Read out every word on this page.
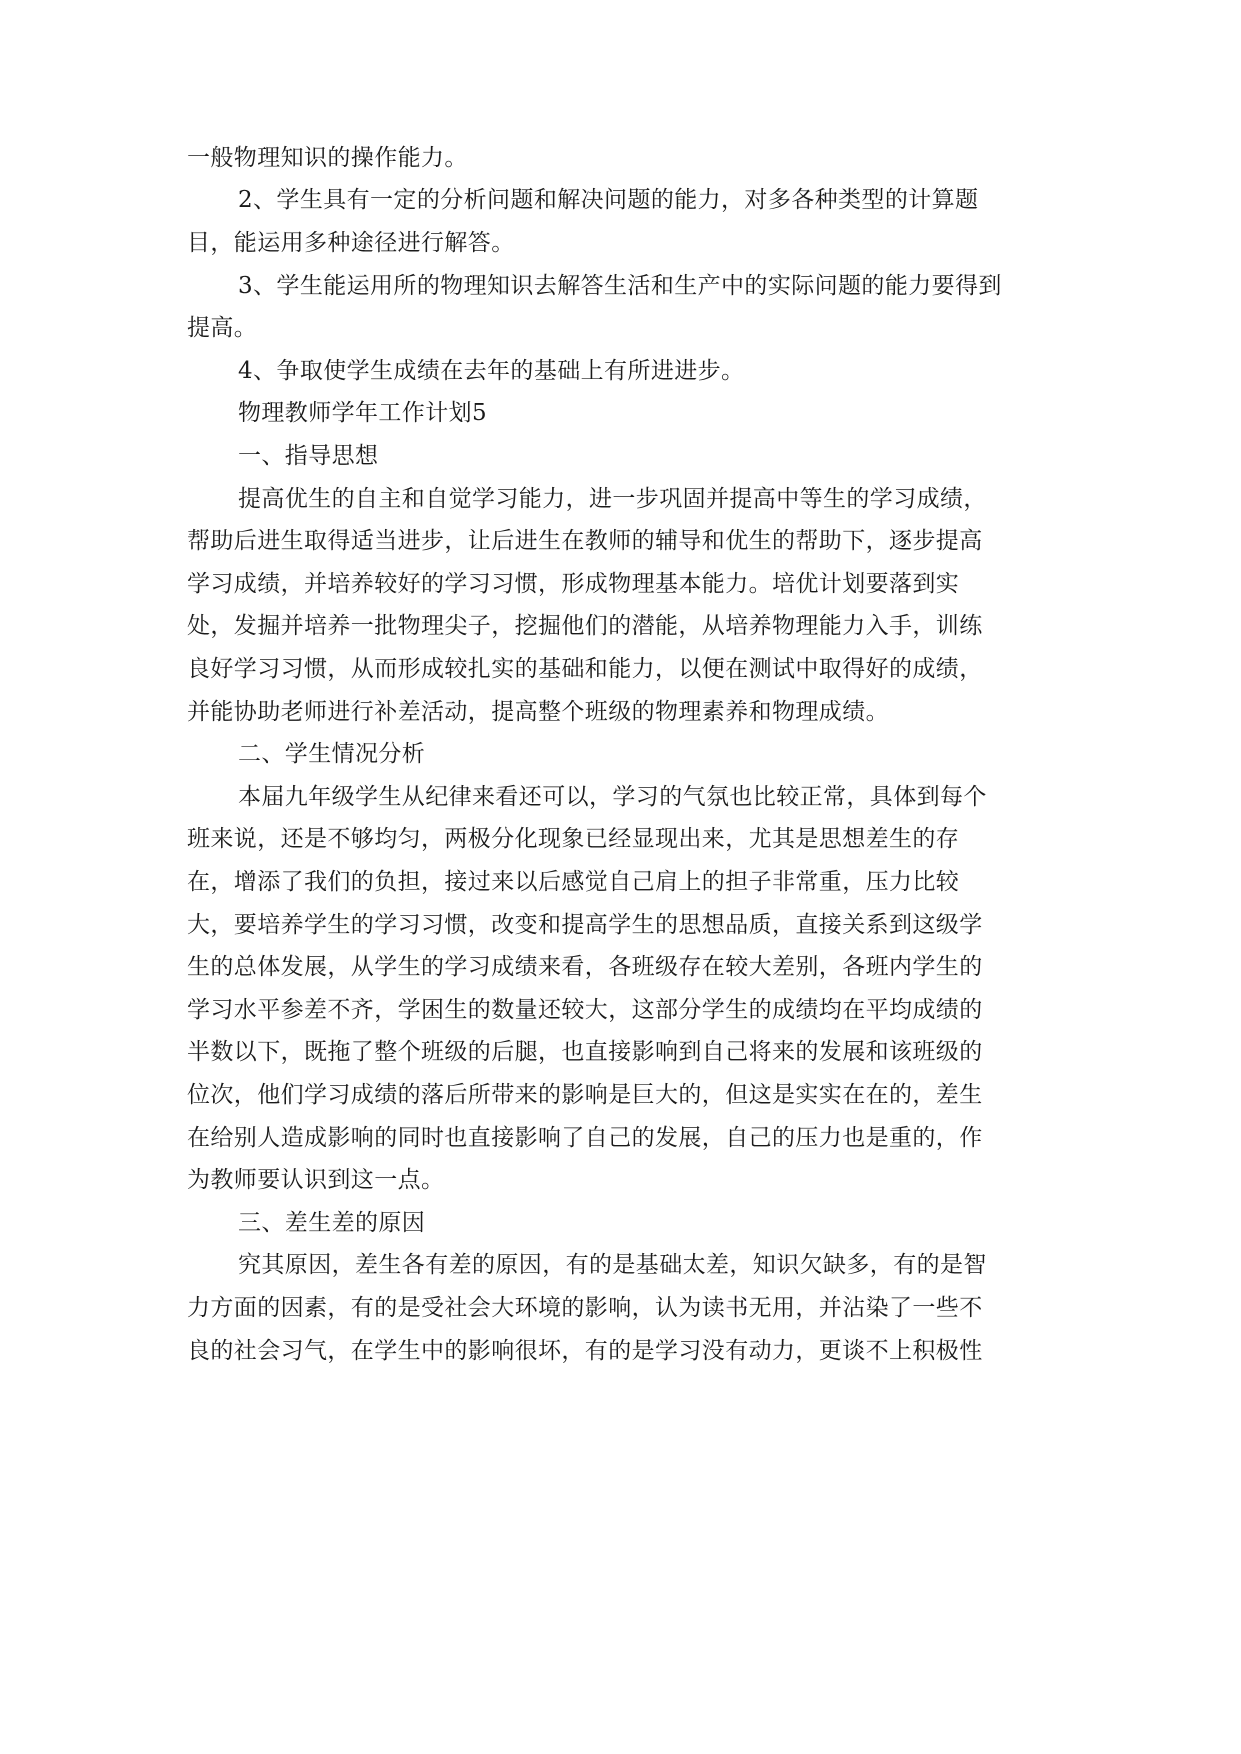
一般物理知识的操作能力。
2、学生具有一定的分析问题和解决问题的能力，对多各种类型的计算题
目，能运用多种途径进行解答。
3、学生能运用所的物理知识去解答生活和生产中的实际问题的能力要得到
提高。
4、争取使学生成绩在去年的基础上有所进进步。
物理教师学年工作计划5
一、指导思想
提高优生的自主和自觉学习能力，进一步巩固并提高中等生的学习成绩，
帮助后进生取得适当进步，让后进生在教师的辅导和优生的帮助下，逐步提高
学习成绩，并培养较好的学习习惯，形成物理基本能力。培优计划要落到实
处，发掘并培养一批物理尖子，挖掘他们的潜能，从培养物理能力入手，训练
良好学习习惯，从而形成较扎实的基础和能力，以便在测试中取得好的成绩，
并能协助老师进行补差活动，提高整个班级的物理素养和物理成绩。
二、学生情况分析
本届九年级学生从纪律来看还可以，学习的气氛也比较正常，具体到每个
班来说，还是不够均匀，两极分化现象已经显现出来，尤其是思想差生的存
在，增添了我们的负担，接过来以后感觉自己肩上的担子非常重，压力比较
大，要培养学生的学习习惯，改变和提高学生的思想品质，直接关系到这级学
生的总体发展，从学生的学习成绩来看，各班级存在较大差别，各班内学生的
学习水平参差不齐，学困生的数量还较大，这部分学生的成绩均在平均成绩的
半数以下，既拖了整个班级的后腿，也直接影响到自己将来的发展和该班级的
位次，他们学习成绩的落后所带来的影响是巨大的，但这是实实在在的，差生
在给别人造成影响的同时也直接影响了自己的发展，自己的压力也是重的，作
为教师要认识到这一点。
三、差生差的原因
究其原因，差生各有差的原因，有的是基础太差，知识欠缺多，有的是智
力方面的因素，有的是受社会大环境的影响，认为读书无用，并沾染了一些不
良的社会习气，在学生中的影响很坏，有的是学习没有动力，更谈不上积极性
